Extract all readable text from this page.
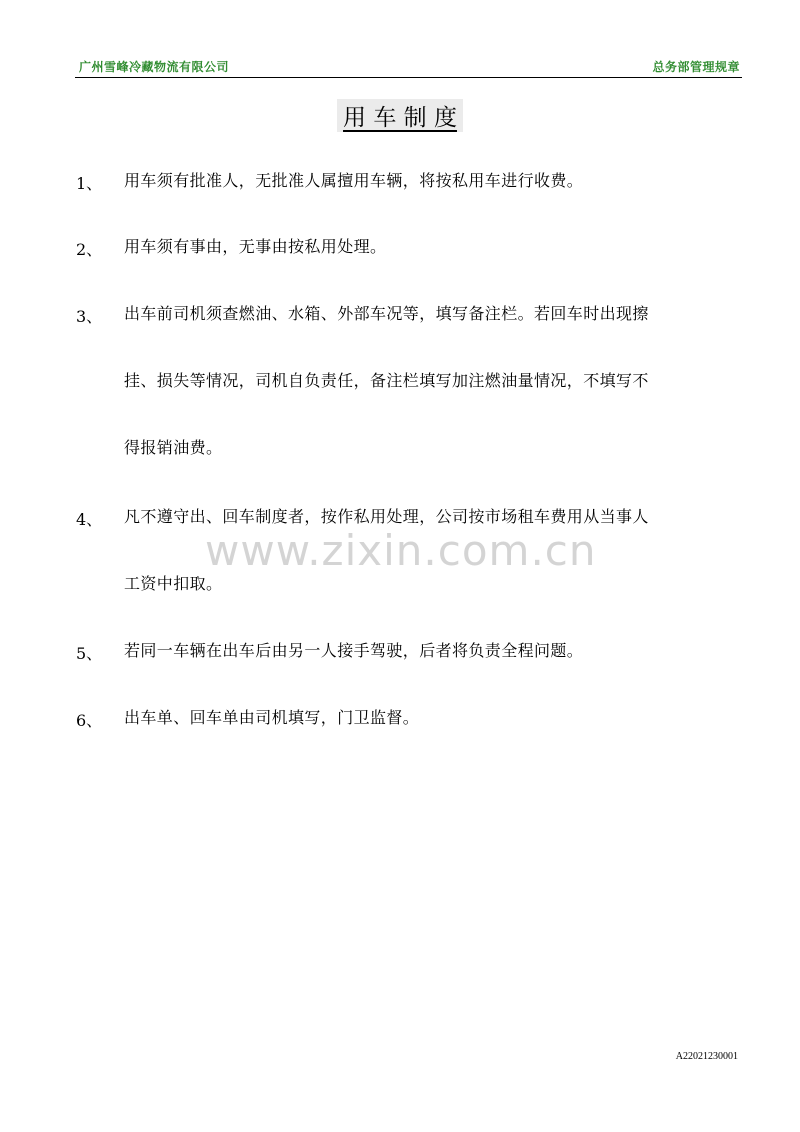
广州雪峰冷藏物流有限公司	总务部管理规章
用 车 制 度
1、 用车须有批准人，无批准人属擅用车辆，将按私用车进行收费。
2、 用车须有事由，无事由按私用处理。
3、 出车前司机须查燃油、水箱、外部车况等，填写备注栏。若回车时出现擦
挂、损失等情况，司机自负责任，备注栏填写加注燃油量情况，不填写不
得报销油费。
4、 凡不遵守出、回车制度者，按作私用处理，公司按市场租车费用从当事人
工资中扣取。
5、 若同一车辆在出车后由另一人接手驾驶，后者将负责全程问题。
6、 出车单、回车单由司机填写，门卫监督。
www.zixin.com.cn
A22021230001
